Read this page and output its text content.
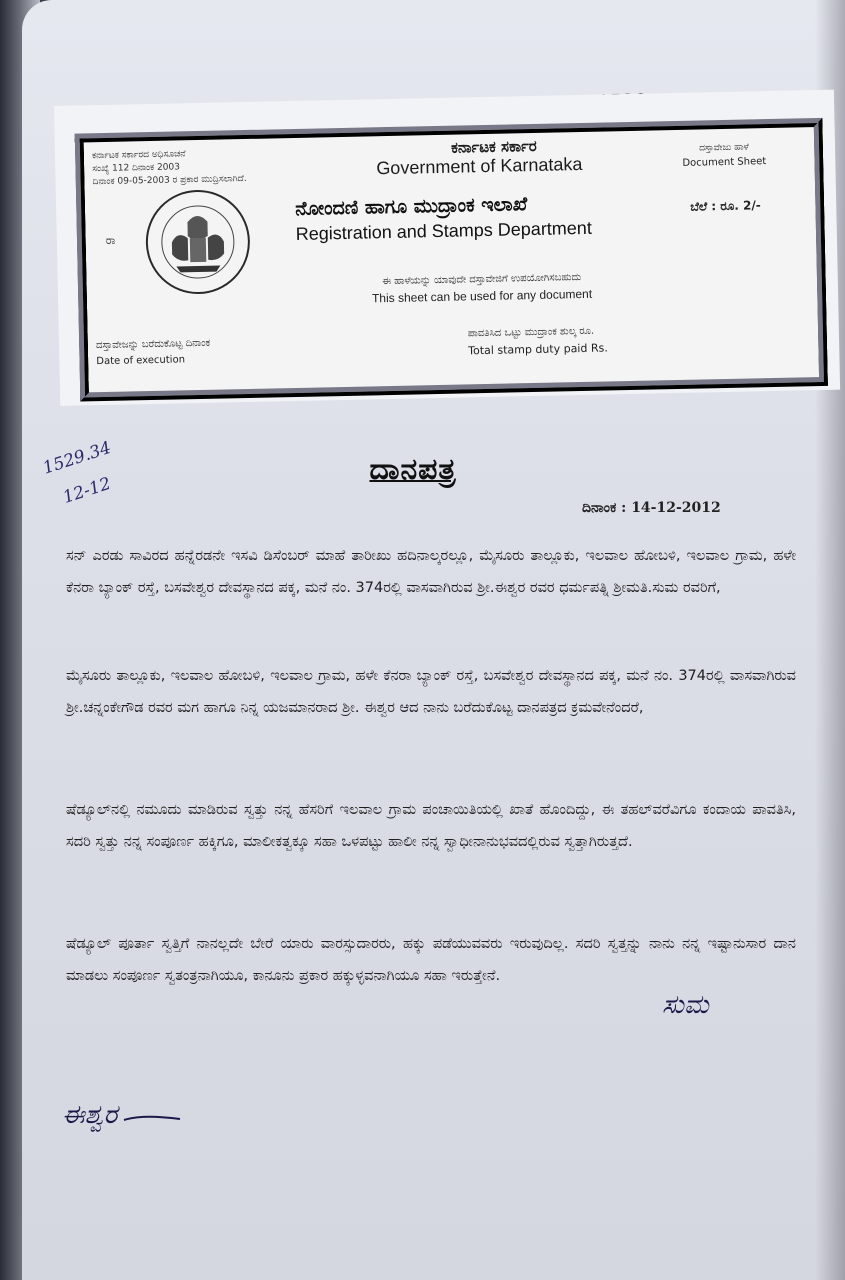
ಕರ್ನಾಟಕ ಸರ್ಕಾರದ ಅಧಿಸೂಚನೆ
ಸಂಖ್ಯೆ 112 ದಿನಾಂಕ 2003
ದಿನಾಂಕ 09-05-2003 ರ ಪ್ರಕಾರ ಮುದ್ರಿಸಲಾಗಿದೆ.
ಕರ್ನಾಟಕ ಸರ್ಕಾರ
Government of Karnataka
ದಸ್ತಾವೇಜು ಹಾಳೆ
Document Sheet
ರಾ
ನೋಂದಣಿ ಹಾಗೂ ಮುದ್ರಾಂಕ ಇಲಾಖೆ
Registration and Stamps Department
ಬೆಲೆ : ರೂ. 2/-
ಈ ಹಾಳೆಯನ್ನು ಯಾವುದೇ ದಸ್ತಾವೇಜಿಗೆ ಉಪಯೋಗಿಸಬಹುದು
This sheet can be used for any document
ದಸ್ತಾವೇಜನ್ನು ಬರೆದುಕೊಟ್ಟ ದಿನಾಂಕ
Date of execution
ಪಾವತಿಸಿದ ಒಟ್ಟು ಮುದ್ರಾಂಕ ಶುಲ್ಕ ರೂ.
Total stamp duty paid Rs.
1529.34
12-12
ದಾನಪತ್ರ
ದಿನಾಂಕ : 14-12-2012
ಸನ್ ಎರಡು ಸಾವಿರದ ಹನ್ನೆರಡನೇ ಇಸವಿ ಡಿಸೆಂಬರ್ ಮಾಹೆ ತಾರೀಖು ಹದಿನಾಲ್ಕರಲ್ಲೂ, ಮೈಸೂರು ತಾಲ್ಲೂಕು, ಇಲವಾಲ ಹೋಬಳಿ, ಇಲವಾಲ ಗ್ರಾಮ, ಹಳೇ ಕೆನರಾ ಬ್ಯಾಂಕ್ ರಸ್ತೆ, ಬಸವೇಶ್ವರ ದೇವಸ್ಥಾನದ ಪಕ್ಕ, ಮನೆ ನಂ. 374ರಲ್ಲಿ ವಾಸವಾಗಿರುವ ಶ್ರೀ.ಈಶ್ವರ ರವರ ಧರ್ಮಪತ್ನಿ ಶ್ರೀಮತಿ.ಸುಮ ರವರಿಗೆ,
ಮೈಸೂರು ತಾಲ್ಲೂಕು, ಇಲವಾಲ ಹೋಬಳಿ, ಇಲವಾಲ ಗ್ರಾಮ, ಹಳೇ ಕೆನರಾ ಬ್ಯಾಂಕ್ ರಸ್ತೆ, ಬಸವೇಶ್ವರ ದೇವಸ್ಥಾನದ ಪಕ್ಕ, ಮನೆ ನಂ. 374ರಲ್ಲಿ ವಾಸವಾಗಿರುವ ಶ್ರೀ.ಚನ್ನಂಕೇಗೌಡ ರವರ ಮಗ ಹಾಗೂ ನಿನ್ನ ಯಜಮಾನರಾದ ಶ್ರೀ. ಈಶ್ವರ ಆದ ನಾನು ಬರೆದುಕೊಟ್ಟ ದಾನಪತ್ರದ ಕ್ರಮವೇನೆಂದರೆ,
ಷೆಡ್ಯೂಲ್‌ನಲ್ಲಿ ನಮೂದು ಮಾಡಿರುವ ಸ್ವತ್ತು ನನ್ನ ಹೆಸರಿಗೆ ಇಲವಾಲ ಗ್ರಾಮ ಪಂಚಾಯಿತಿಯಲ್ಲಿ ಖಾತೆ ಹೊಂದಿದ್ದು, ಈ ತಹಲ್‌ವರೆವಿಗೂ ಕಂದಾಯ ಪಾವತಿಸಿ, ಸದರಿ ಸ್ವತ್ತು ನನ್ನ ಸಂಪೂರ್ಣ ಹಕ್ಕಿಗೂ, ಮಾಲೀಕತ್ವಕ್ಕೂ ಸಹಾ ಒಳಪಟ್ಟು ಹಾಲೀ ನನ್ನ ಸ್ವಾಧೀನಾನುಭವದಲ್ಲಿರುವ ಸ್ವತ್ತಾಗಿರುತ್ತದೆ.
ಷೆಡ್ಯೂಲ್ ಪೂರ್ತಾ ಸ್ವತ್ತಿಗೆ ನಾನಲ್ಲದೇ ಬೇರೆ ಯಾರು ವಾರಸ್ಸುದಾರರು, ಹಕ್ಕು ಪಡೆಯುವವರು ಇರುವುದಿಲ್ಲ. ಸದರಿ ಸ್ವತ್ತನ್ನು ನಾನು ನನ್ನ ಇಷ್ಟಾನುಸಾರ ದಾನ ಮಾಡಲು ಸಂಪೂರ್ಣ ಸ್ವತಂತ್ರನಾಗಿಯೂ, ಕಾನೂನು ಪ್ರಕಾರ ಹಕ್ಕುಳ್ಳವನಾಗಿಯೂ ಸಹಾ ಇರುತ್ತೇನೆ.
ಸುಮ
ಈಶ್ವರ
